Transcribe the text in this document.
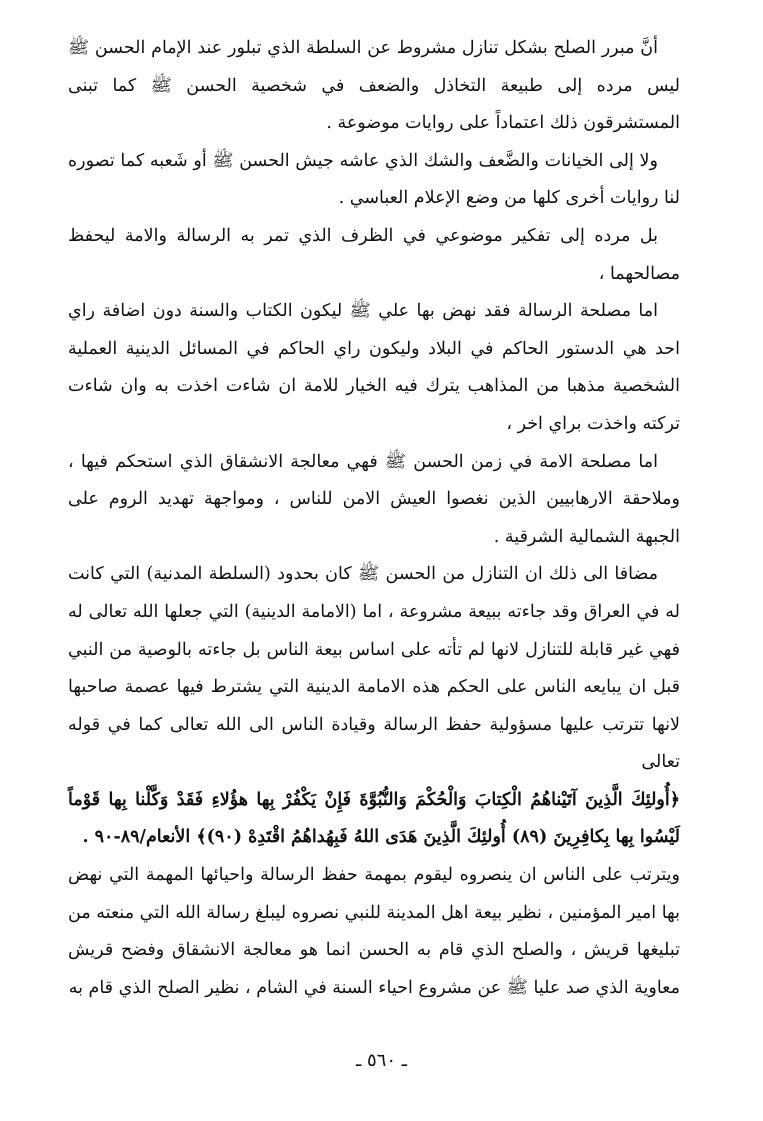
أنَّ مبرر الصلح بشكل تنازل مشروط عن السلطة الذي تبلور عند الإمام الحسن ﷺ ليس مرده إلى طبيعة التخاذل والضعف في شخصية الحسن ﷺ كما تبنى المستشرقون ذلك اعتماداً على روايات موضوعة .

ولا إلى الخيانات والضَّعف والشك الذي عاشه جيش الحسن ﷺ أو شَعبه كما تصوره لنا روايات أخرى كلها من وضع الإعلام العباسي .

بل مرده إلى تفكير موضوعي في الظرف الذي تمر به الرسالة والامة ليحفظ مصالحهما ،

اما مصلحة الرسالة فقد نهض بها علي ﷺ ليكون الكتاب والسنة دون اضافة راي احد هي الدستور الحاكم في البلاد وليكون راي الحاكم في المسائل الدينية العملية الشخصية مذهبا من المذاهب يترك فيه الخيار للامة ان شاءت اخذت به وان شاءت تركته واخذت براي اخر ،

اما مصلحة الامة في زمن الحسن ﷺ فهي معالجة الانشقاق الذي استحكم فيها ، وملاحقة الارهابيين الذين نغصوا العيش الامن للناس ، ومواجهة تهديد الروم على الجبهة الشمالية الشرقية .

مضافا الى ذلك ان التنازل من الحسن ﷺ كان بحدود (السلطة المدنية) التي كانت له في العراق وقد جاءته ببيعة مشروعة ، اما (الامامة الدينية) التي جعلها الله تعالى له فهي غير قابلة للتنازل لانها لم تأته على اساس بيعة الناس بل جاءته بالوصية من النبي قبل ان يبايعه الناس على الحكم هذه الامامة الدينية التي يشترط فيها عصمة صاحبها لانها تترتب عليها مسؤولية حفظ الرسالة وقيادة الناس الى الله تعالى كما في قوله تعالى

﴿أُولئِكَ الَّذِينَ آتَيْناهُمُ الْكِتابَ وَالْحُكْمَ وَالنُّبُوَّةَ فَإِنْ يَكْفُرْ بِها هؤُلاءِ فَقَدْ وَكَّلْنا بِها قَوْماً لَيْسُوا بِها بِكافِرِينَ (٨٩) أُولئِكَ الَّذِينَ هَدَى اللهُ فَبِهُداهُمُ اقْتَدِهْ (٩٠)﴾ الأنعام/٨٩-٩٠ .

ويترتب على الناس ان ينصروه ليقوم بمهمة حفظ الرسالة واحيائها المهمة التي نهض بها امير المؤمنين ، نظير بيعة اهل المدينة للنبي نصروه ليبلغ رسالة الله التي منعته من تبليغها قريش ، والصلح الذي قام به الحسن انما هو معالجة الانشقاق وفضح قريش معاوية الذي صد عليا ﷺ عن مشروع احياء السنة في الشام ، نظير الصلح الذي قام به

ـ ٥٦٠ ـ
